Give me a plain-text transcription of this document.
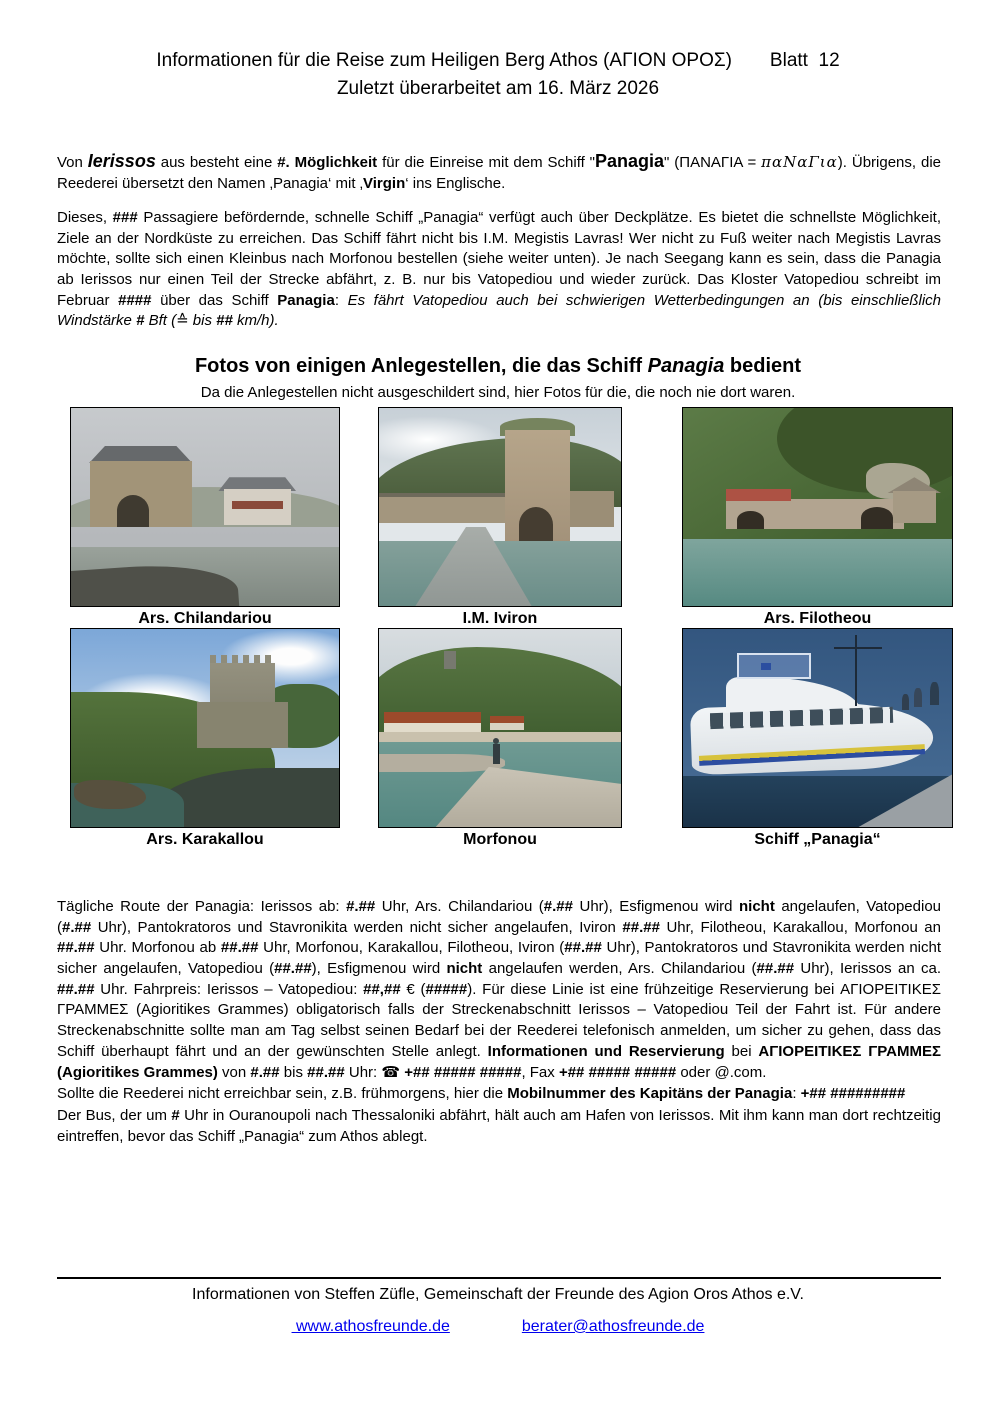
Informationen für die Reise zum Heiligen Berg Athos (ΑΓΙΟΝ ΟΡΟΣ) Blatt  12
Zuletzt überarbeitet am 16. März 2026

Von Ierissos aus besteht eine #. Möglichkeit für die Einreise mit dem Schiff "Panagia" (ΠΑΝΑΓΙΑ = παΝαΓια). Übrigens, die Reederei übersetzt den Namen ‚Panagia‘ mit ‚Virgin‘ ins Englische.

Dieses, ### Passagiere befördernde, schnelle Schiff „Panagia“ verfügt auch über Deckplätze. Es bietet die schnellste Möglichkeit, Ziele an der Nordküste zu erreichen. Das Schiff fährt nicht bis I.M. Megistis Lavras! Wer nicht zu Fuß weiter nach Megistis Lavras möchte, sollte sich einen Kleinbus nach Morfonou bestellen (siehe weiter unten). Je nach Seegang kann es sein, dass die Panagia ab Ierissos nur einen Teil der Strecke abfährt, z. B. nur bis Vatopediou und wieder zurück. Das Kloster Vatopediou schreibt im Februar #### über das Schiff Panagia: Es fährt Vatopediou auch bei schwierigen Wetterbedingungen an (bis einschließlich Windstärke # Bft (≙ bis ## km/h).

Fotos von einigen Anlegestellen, die das Schiff Panagia bedient
Da die Anlegestellen nicht ausgeschildert sind, hier Fotos für die, die noch nie dort waren.
Ars. Chilandariou	I.M. Iviron	Ars. Filotheou
Ars. Karakallou	Morfonou	Schiff „Panagia“

Tägliche Route der Panagia: Ierissos ab: #.## Uhr, Ars. Chilandariou (#.## Uhr), Esfigmenou wird nicht angelaufen, Vatopediou (#.## Uhr), Pantokratoros und Stavronikita werden nicht sicher angelaufen, Iviron ##.## Uhr, Filotheou, Karakallou, Morfonou an ##.## Uhr. Morfonou ab ##.## Uhr, Morfonou, Karakallou, Filotheou, Iviron (##.## Uhr), Pantokratoros und Stavronikita werden nicht sicher angelaufen, Vatopediou (##.##), Esfigmenou wird nicht angelaufen werden, Ars. Chilandariou (##.## Uhr), Ierissos an ca. ##.## Uhr. Fahrpreis: Ierissos – Vatopediou: ##,## € (#####). Für diese Linie ist eine frühzeitige Reservierung bei ΑΓΙΟΡΕΙΤΙΚΕΣ ΓΡΑΜΜΕΣ (Agioritikes Grammes) obligatorisch falls der Streckenabschnitt Ierissos – Vatopediou Teil der Fahrt ist. Für andere Streckenabschnitte sollte man am Tag selbst seinen Bedarf bei der Reederei telefonisch anmelden, um sicher zu gehen, dass das Schiff überhaupt fährt und an der gewünschten Stelle anlegt. Informationen und Reservierung bei ΑΓΙΟΡΕΙΤΙΚΕΣ ΓΡΑΜΜΕΣ (Agioritikes Grammes) von #.## bis ##.## Uhr: ☎ +## ##### #####, Fax +## ##### ##### oder @.com.

Sollte die Reederei nicht erreichbar sein, z.B. frühmorgens, hier die Mobilnummer des Kapitäns der Panagia: +## #########

Der Bus, der um # Uhr in Ouranoupoli nach Thessaloniki abfährt, hält auch am Hafen von Ierissos. Mit ihm kann man dort rechtzeitig eintreffen, bevor das Schiff „Panagia“ zum Athos ablegt.

Informationen von Steffen Züfle, Gemeinschaft der Freunde des Agion Oros Athos e.V.
www.athosfreunde.de	berater@athosfreunde.de
